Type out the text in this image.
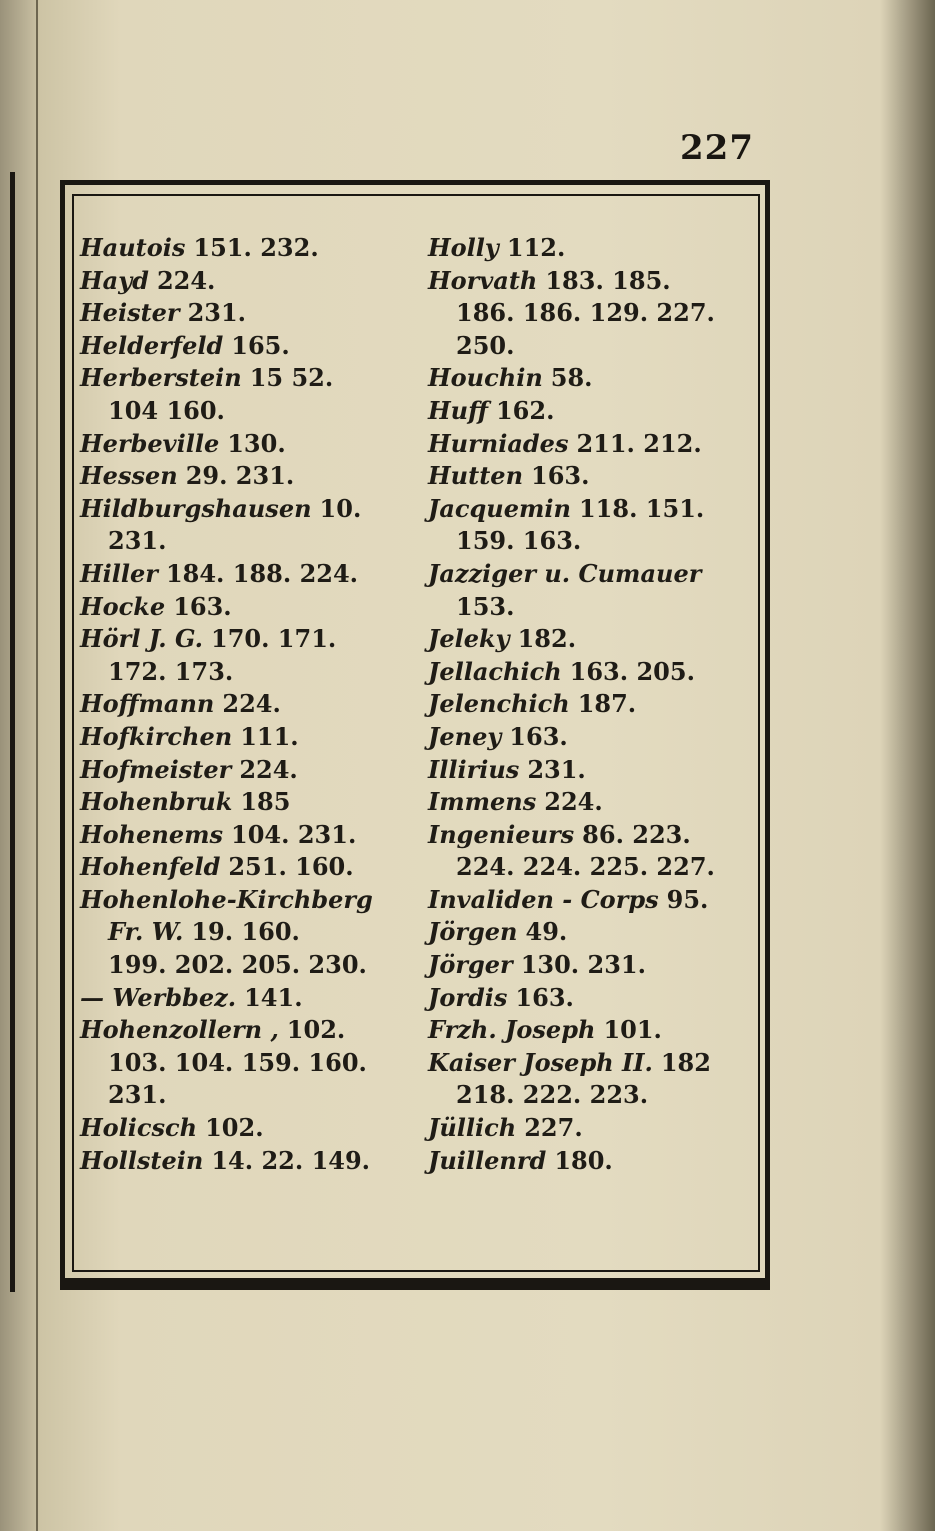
227
Hautois 151. 232.
Hayd 224.
Heister 231.
Helderfeld 165.
Herberstein 15 52.
104 160.
Herbeville 130.
Hessen 29. 231.
Hildburgshausen 10.
231.
Hiller 184. 188. 224.
Hocke 163.
Hörl J. G. 170. 171.
172. 173.
Hoffmann 224.
Hofkirchen 111.
Hofmeister 224.
Hohenbruk 185
Hohenems 104. 231.
Hohenfeld 251. 160.
Hohenlohe-Kirchberg
Fr. W. 19. 160.
199. 202. 205. 230.
— Werbbez. 141.
Hohenzollern , 102.
103. 104. 159. 160.
231.
Holicsch 102.
Hollstein 14. 22. 149.
Holly 112.
Horvath 183. 185.
186. 186. 129. 227.
250.
Houchin 58.
Huff 162.
Hurniades 211. 212.
Hutten 163.
Jacquemin 118. 151.
159. 163.
Jazziger u. Cumauer
153.
Jeleky 182.
Jellachich 163. 205.
Jelenchich 187.
Jeney 163.
Illirius 231.
Immens 224.
Ingenieurs 86. 223.
224. 224. 225. 227.
Invaliden - Corps 95.
Jörgen 49.
Jörger 130. 231.
Jordis 163.
Frzh. Joseph 101.
Kaiser Joseph II. 182
218. 222. 223.
Jüllich 227.
Juillenrd 180.
